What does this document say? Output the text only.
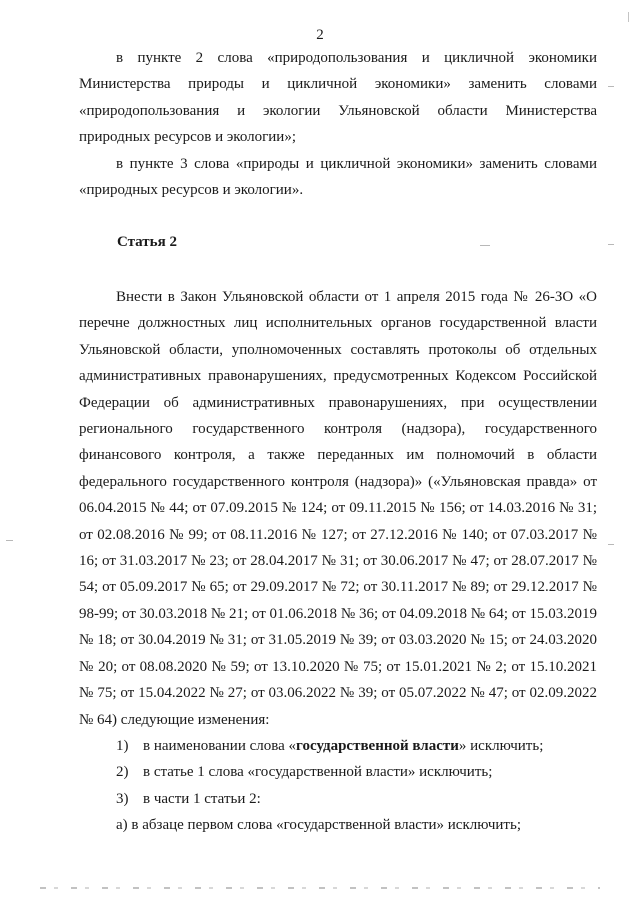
2

в пункте 2 слова «природопользования и цикличной экономики Министерства природы и цикличной экономики» заменить словами «природопользования и экологии Ульяновской области Министерства природных ресурсов и экологии»;

в пункте 3 слова «природы и цикличной экономики» заменить словами «природных ресурсов и экологии».

Статья 2

Внести в Закон Ульяновской области от 1 апреля 2015 года № 26-ЗО «О перечне должностных лиц исполнительных органов государственной власти Ульяновской области, уполномоченных составлять протоколы об отдельных административных правонарушениях, предусмотренных Кодексом Российской Федерации об административных правонарушениях, при осуществлении регионального государственного контроля (надзора), государственного финансового контроля, а также переданных им полномочий в области федерального государственного контроля (надзора)» («Ульяновская правда» от 06.04.2015 № 44; от 07.09.2015 № 124; от 09.11.2015 № 156; от 14.03.2016 № 31; от 02.08.2016 № 99; от 08.11.2016 № 127; от 27.12.2016 № 140; от 07.03.2017 № 16; от 31.03.2017 № 23; от 28.04.2017 № 31; от 30.06.2017 № 47; от 28.07.2017 № 54; от 05.09.2017 № 65; от 29.09.2017 № 72; от 30.11.2017 № 89; от 29.12.2017 № 98-99; от 30.03.2018 № 21; от 01.06.2018 № 36; от 04.09.2018 № 64; от 15.03.2019 № 18; от 30.04.2019 № 31; от 31.05.2019 № 39; от 03.03.2020 № 15; от 24.03.2020 № 20; от 08.08.2020 № 59; от 13.10.2020 № 75; от 15.01.2021 № 2; от 15.10.2021 № 75; от 15.04.2022 № 27; от 03.06.2022 № 39; от 05.07.2022 № 47; от 02.09.2022 № 64) следующие изменения:

1) в наименовании слова «государственной власти» исключить;

2) в статье 1 слова «государственной власти» исключить;

3) в части 1 статьи 2:

а) в абзаце первом слова «государственной власти» исключить;
